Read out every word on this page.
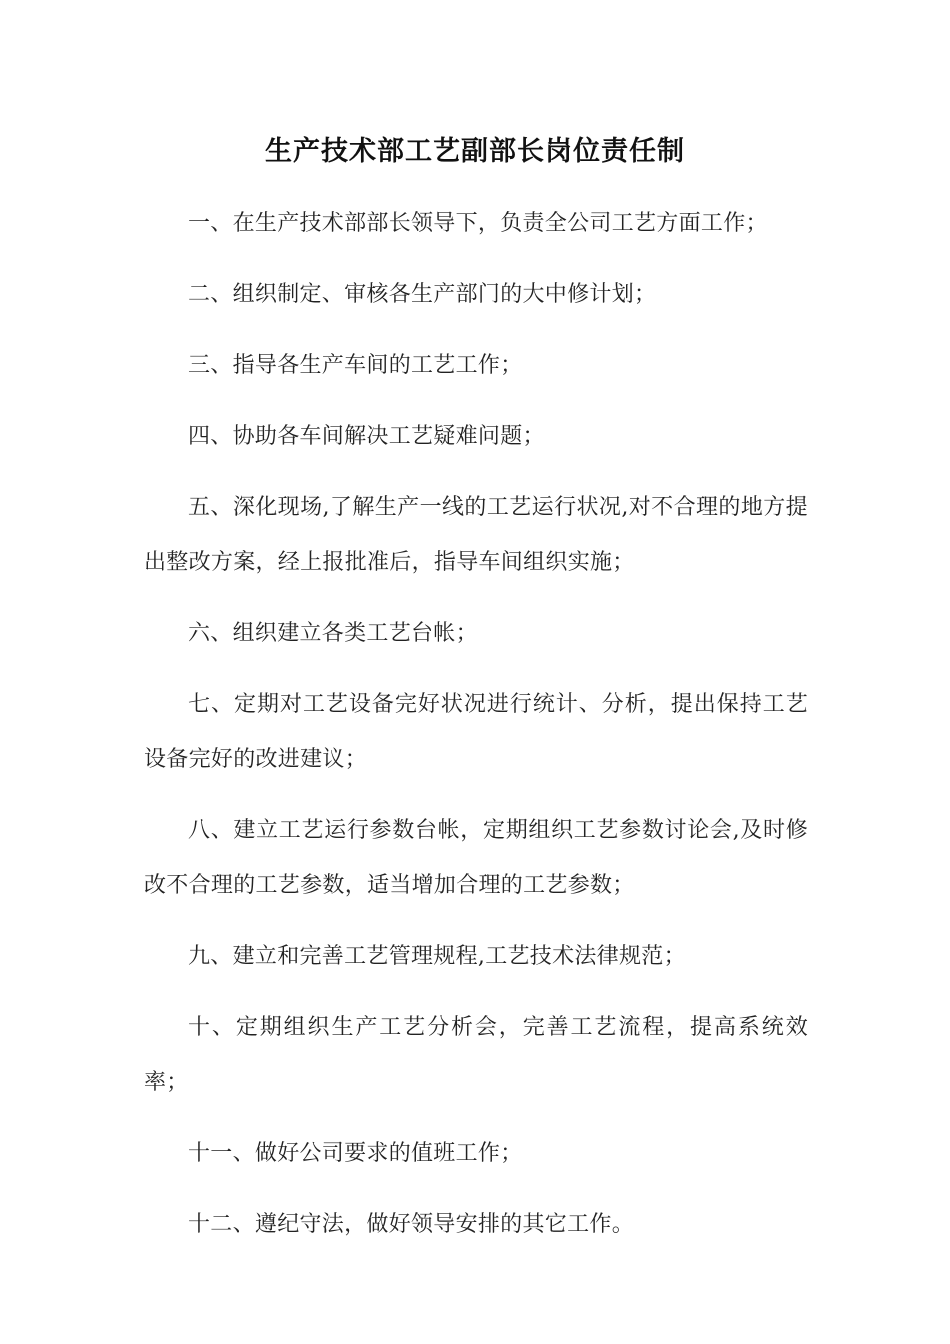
生产技术部工艺副部长岗位责任制

一、在生产技术部部长领导下，负责全公司工艺方面工作；

二、组织制定、审核各生产部门的大中修计划；

三、指导各生产车间的工艺工作；

四、协助各车间解决工艺疑难问题；

五、深化现场,了解生产一线的工艺运行状况,对不合理的地方提出整改方案，经上报批准后，指导车间组织实施；

六、组织建立各类工艺台帐；

七、定期对工艺设备完好状况进行统计、分析，提出保持工艺设备完好的改进建议；

八、建立工艺运行参数台帐，定期组织工艺参数讨论会,及时修改不合理的工艺参数，适当增加合理的工艺参数；

九、建立和完善工艺管理规程,工艺技术法律规范；

十、定期组织生产工艺分析会，完善工艺流程，提高系统效率；

十一、做好公司要求的值班工作；

十二、遵纪守法，做好领导安排的其它工作。
